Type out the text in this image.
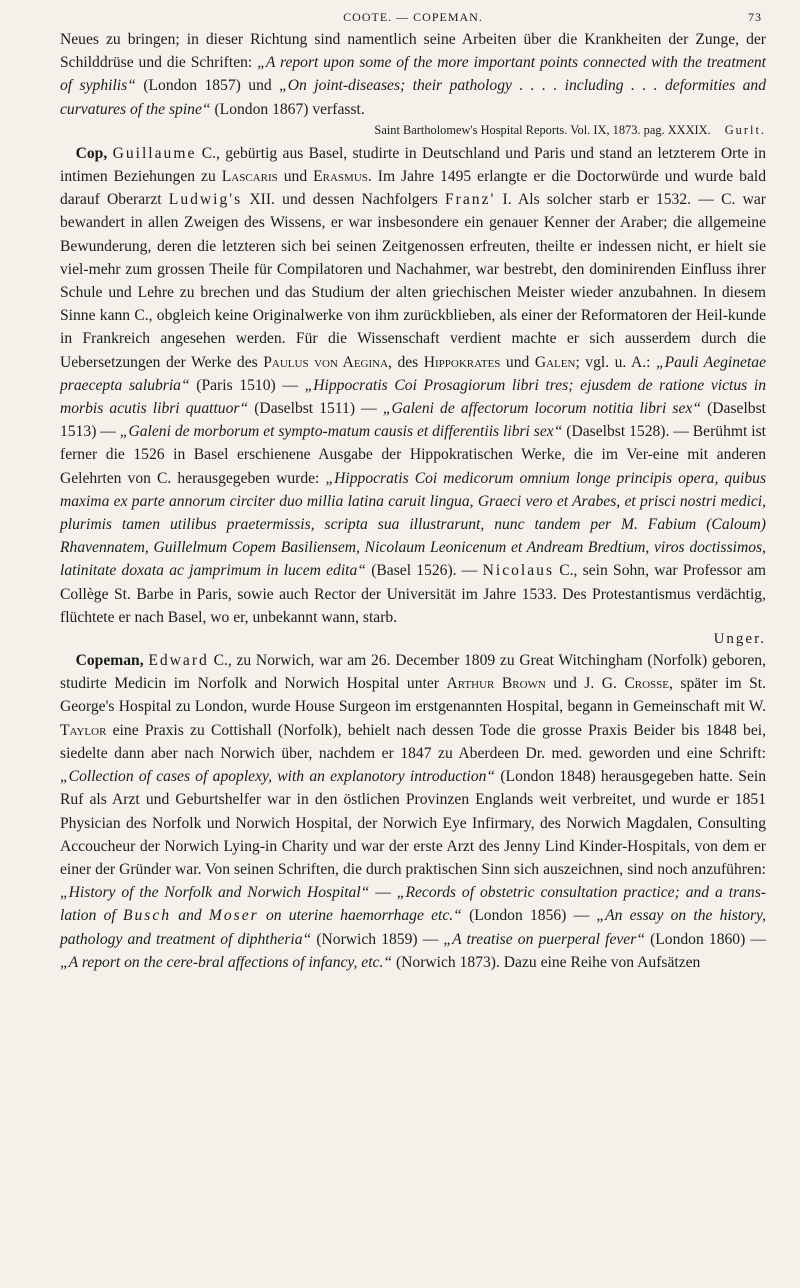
COOTE. — COPEMAN.	73

Neues zu bringen; in dieser Richtung sind namentlich seine Arbeiten über die Krankheiten der Zunge, der Schilddrüse und die Schriften: „A report upon some of the more important points connected with the treatment of syphilis“ (London 1857) und „On joint-diseases; their pathology . . . . including . . . deformities and curvatures of the spine“ (London 1867) verfasst.

Saint Bartholomew's Hospital Reports. Vol. IX, 1873. pag. XXXIX. Gurlt.

 Cop, Guillaume C., gebürtig aus Basel, studirte in Deutschland und Paris und stand an letzterem Orte in intimen Beziehungen zu Lascaris und Erasmus. Im Jahre 1495 erlangte er die Doctorwürde und wurde bald darauf Oberarzt Ludwig's XII. und dessen Nachfolgers Franz' I. Als solcher starb er 1532. — C. war bewandert in allen Zweigen des Wissens, er war insbesondere ein genauer Kenner der Araber; die allgemeine Bewunderung, deren die letzteren sich bei seinen Zeitgenossen erfreuten, theilte er indessen nicht, er hielt sie viel-mehr zum grossen Theile für Compilatoren und Nachahmer, war bestrebt, den dominirenden Einfluss ihrer Schule und Lehre zu brechen und das Studium der alten griechischen Meister wieder anzubahnen. In diesem Sinne kann C., obgleich keine Originalwerke von ihm zurückblieben, als einer der Reformatoren der Heil-kunde in Frankreich angesehen werden. Für die Wissenschaft verdient machte er sich ausserdem durch die Uebersetzungen der Werke des Paulus von Aegina, des Hippokrates und Galen; vgl. u. A.: „Pauli Aeginetae praecepta salubria“ (Paris 1510) — „Hippocratis Coi Prosagiorum libri tres; ejusdem de ratione victus in morbis acutis libri quattuor“ (Daselbst 1511) — „Galeni de affectorum locorum notitia libri sex“ (Daselbst 1513) — „Galeni de morborum et sympto-matum causis et differentiis libri sex“ (Daselbst 1528). — Berühmt ist ferner die 1526 in Basel erschienene Ausgabe der Hippokratischen Werke, die im Ver-eine mit anderen Gelehrten von C. herausgegeben wurde: „Hippocratis Coi medicorum omnium longe principis opera, quibus maxima ex parte annorum circiter duo millia latina caruit lingua, Graeci vero et Arabes, et prisci nostri medici, plurimis tamen utilibus praetermissis, scripta sua illustrarunt, nunc tandem per M. Fabium (Caloum) Rhavennatem, Guillelmum Copem Basiliensem, Nicolaum Leonicenum et Andream Bredtium, viros doctissimos, latinitate doxata ac jamprimum in lucem edita“ (Basel 1526). — Nicolaus C., sein Sohn, war Professor am Collège St. Barbe in Paris, sowie auch Rector der Universität im Jahre 1533. Des Protestantismus verdächtig, flüchtete er nach Basel, wo er, unbekannt wann, starb.

Unger.

 Copeman, Edward C., zu Norwich, war am 26. December 1809 zu Great Witchingham (Norfolk) geboren, studirte Medicin im Norfolk and Norwich Hospital unter Arthur Brown und J. G. Crosse, später im St. George's Hospital zu London, wurde House Surgeon im erstgenannten Hospital, begann in Gemeinschaft mit W. Taylor eine Praxis zu Cottishall (Norfolk), behielt nach dessen Tode die grosse Praxis Beider bis 1848 bei, siedelte dann aber nach Norwich über, nachdem er 1847 zu Aberdeen Dr. med. geworden und eine Schrift: „Collection of cases of apoplexy, with an explanotory introduction“ (London 1848) herausgegeben hatte. Sein Ruf als Arzt und Geburtshelfer war in den östlichen Provinzen Englands weit verbreitet, und wurde er 1851 Physician des Norfolk und Norwich Hospital, der Norwich Eye Infirmary, des Norwich Magdalen, Consulting Accoucheur der Norwich Lying-in Charity und war der erste Arzt des Jenny Lind Kinder-Hospitals, von dem er einer der Gründer war. Von seinen Schriften, die durch praktischen Sinn sich auszeichnen, sind noch anzuführen: „History of the Norfolk and Norwich Hospital“ — „Records of obstetric consultation practice; and a trans-lation of Busch and Moser on uterine haemorrhage etc.“ (London 1856) — „An essay on the history, pathology and treatment of diphtheria“ (Norwich 1859) — „A treatise on puerperal fever“ (London 1860) — „A report on the cere-bral affections of infancy, etc.“ (Norwich 1873). Dazu eine Reihe von Aufsätzen
